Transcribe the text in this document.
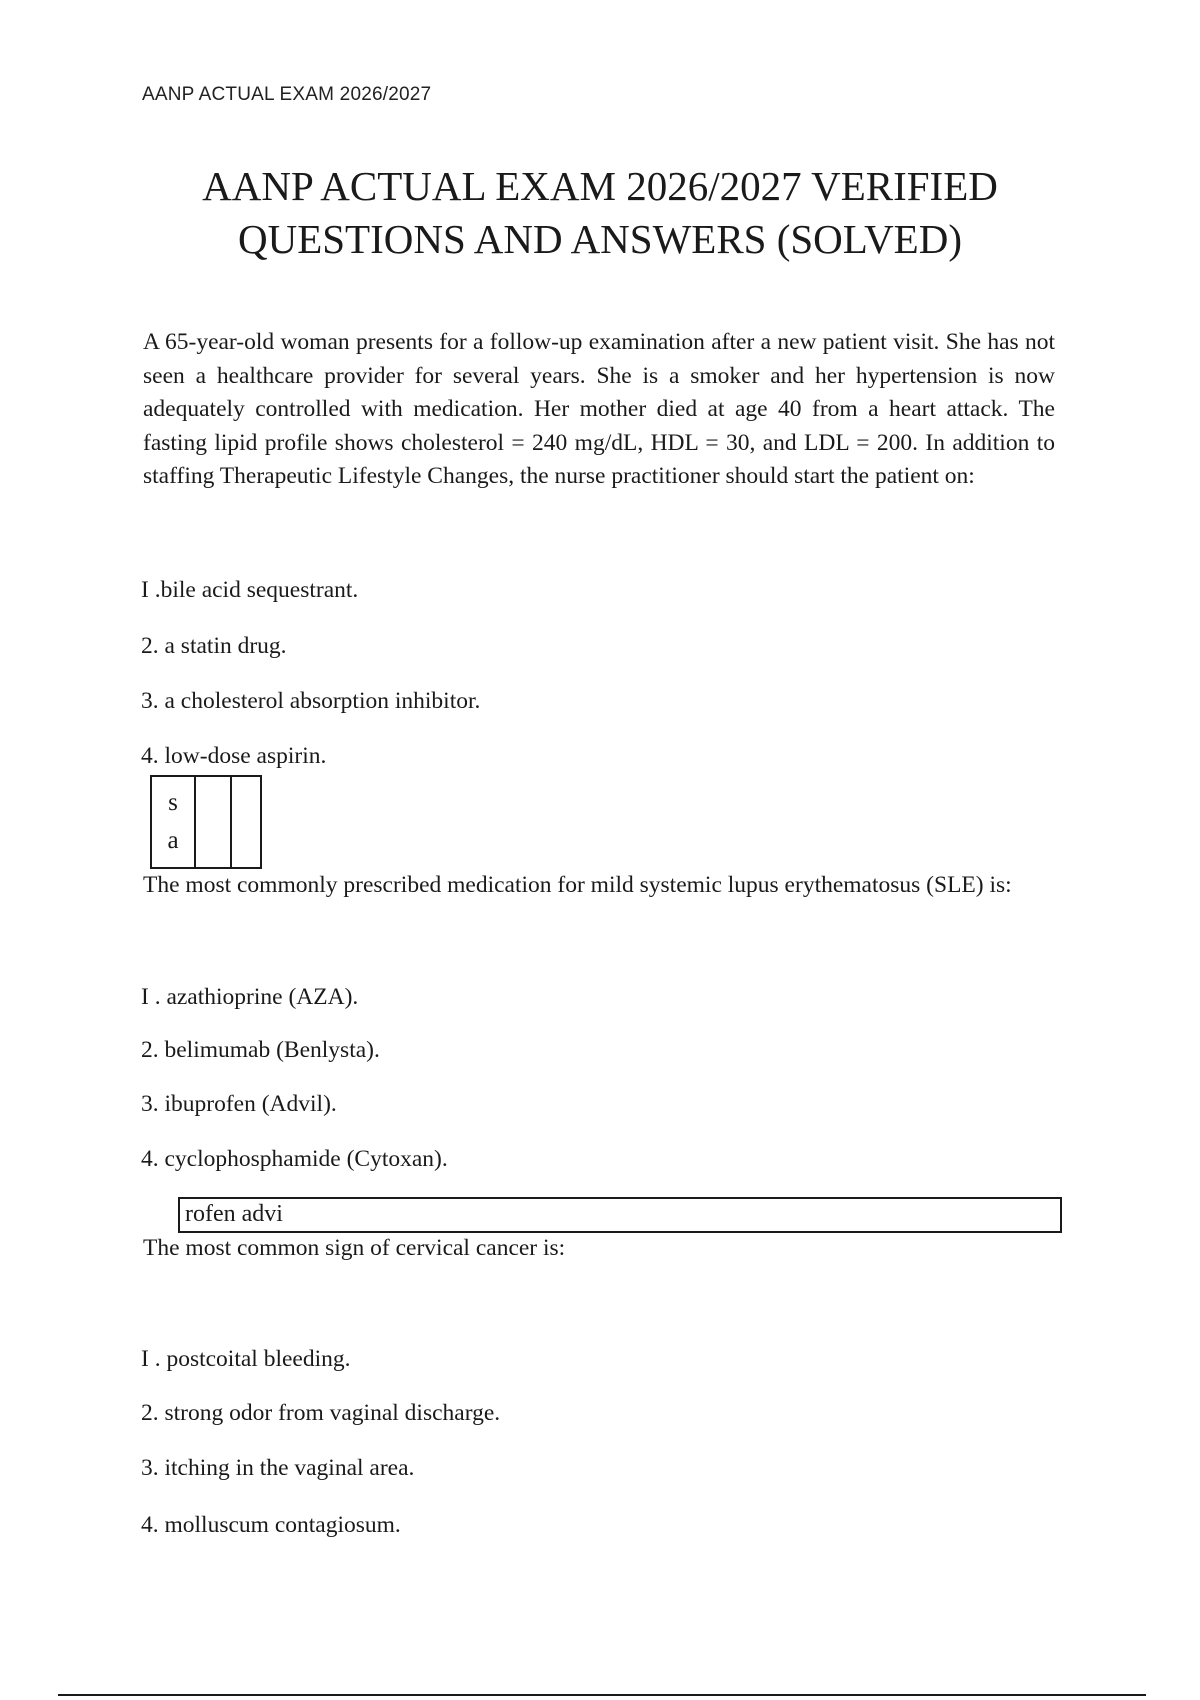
AANP ACTUAL EXAM 2026/2027
AANP ACTUAL EXAM 2026/2027 VERIFIED
QUESTIONS AND ANSWERS (SOLVED)
A 65-year-old woman presents for a follow-up examination after a new patient visit. She has not seen a healthcare provider for several years. She is a smoker and her hypertension is now adequately controlled with medication. Her mother died at age 40 from a heart attack. The fasting lipid profile shows cholesterol = 240 mg/dL, HDL = 30, and LDL = 200. In addition to staffing Therapeutic Lifestyle Changes, the nurse practitioner should start the patient on:
I .bile acid sequestrant.
2. a statin drug.
3. a cholesterol absorption inhibitor.
4. low-dose aspirin.
s
a
The most commonly prescribed medication for mild systemic lupus erythematosus (SLE) is:
I . azathioprine (AZA).
2. belimumab (Benlysta).
3. ibuprofen (Advil).
4. cyclophosphamide (Cytoxan).
rofen advi
The most common sign of cervical cancer is:
I . postcoital bleeding.
2. strong odor from vaginal discharge.
3. itching in the vaginal area.
4. molluscum contagiosum.
